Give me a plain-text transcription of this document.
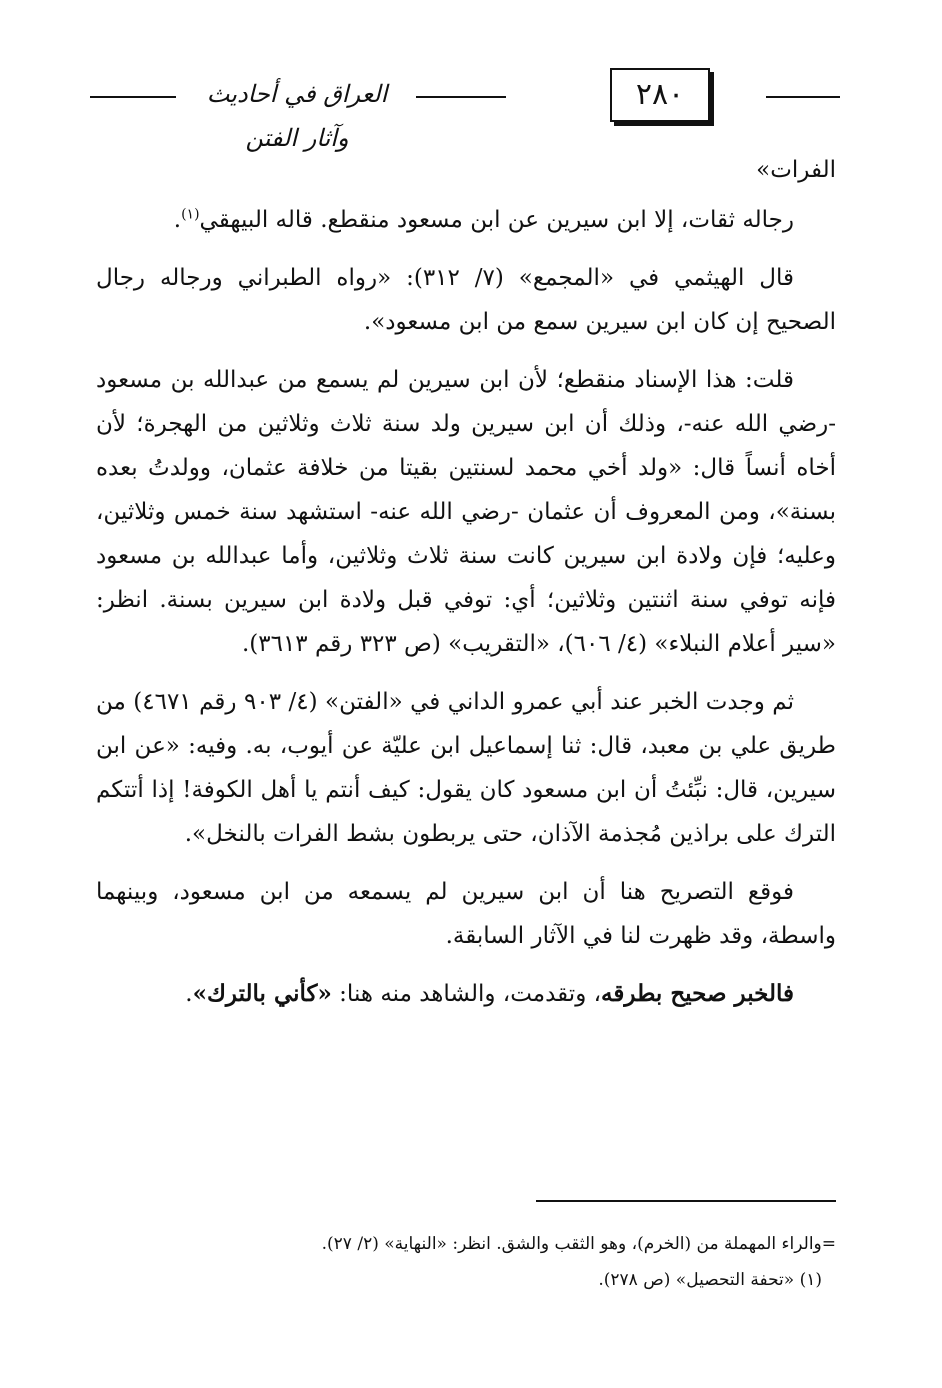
العراق في أحاديث وآثار الفتن
٢٨٠

الفرات»

رجاله ثقات، إلا ابن سيرين عن ابن مسعود منقطع. قاله البيهقي$^{(١)}$.

قال الهيثمي في «المجمع» (٧/ ٣١٢): «رواه الطبراني ورجاله رجال الصحيح إن كان ابن سيرين سمع من ابن مسعود».

قلت: هذا الإسناد منقطع؛ لأن ابن سيرين لم يسمع من عبدالله بن مسعود -رضي الله عنه-، وذلك أن ابن سيرين ولد سنة ثلاث وثلاثين من الهجرة؛ لأن أخاه أنساً قال: «ولد أخي محمد لسنتين بقيتا من خلافة عثمان، وولدتُ بعده بسنة»، ومن المعروف أن عثمان -رضي الله عنه- استشهد سنة خمس وثلاثين، وعليه؛ فإن ولادة ابن سيرين كانت سنة ثلاث وثلاثين، وأما عبدالله بن مسعود فإنه توفي سنة اثنتين وثلاثين؛ أي: توفي قبل ولادة ابن سيرين بسنة. انظر: «سير أعلام النبلاء» (٤/ ٦٠٦)، «التقريب» (ص ٣٢٣ رقم ٣٦١٣).

ثم وجدت الخبر عند أبي عمرو الداني في «الفتن» (٤/ ٩٠٣ رقم ٤٦٧١) من طريق علي بن معبد، قال: ثنا إسماعيل ابن عليّة عن أيوب، به. وفيه: «عن ابن سيرين، قال: نبِّئتُ أن ابن مسعود كان يقول: كيف أنتم يا أهل الكوفة! إذا أتتكم الترك على براذين مُجذمة الآذان، حتى يربطون بشط الفرات بالنخل».

فوقع التصريح هنا أن ابن سيرين لم يسمعه من ابن مسعود، وبينهما واسطة، وقد ظهرت لنا في الآثار السابقة.

فالخبر صحيح بطرقه، وتقدمت، والشاهد منه هنا: «كأني بالترك».

=والراء المهملة من (الخرم)، وهو الثقب والشق. انظر: «النهاية» (٢/ ٢٧).

(١) «تحفة التحصيل» (ص ٢٧٨).
